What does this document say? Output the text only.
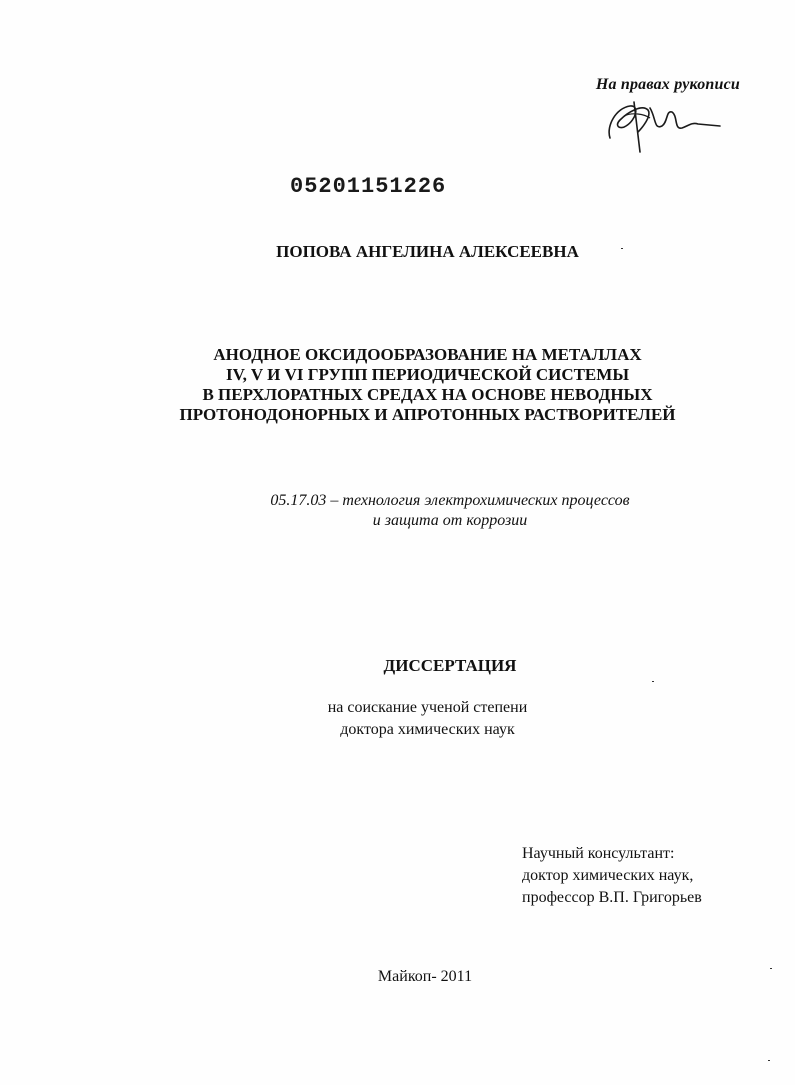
На правах рукописи
05201151226
ПОПОВА АНГЕЛИНА АЛЕКСЕЕВНА
АНОДНОЕ ОКСИДООБРАЗОВАНИЕ НА МЕТАЛЛАХ
IV, V И VI ГРУПП ПЕРИОДИЧЕСКОЙ СИСТЕМЫ
В ПЕРХЛОРАТНЫХ СРЕДАХ НА ОСНОВЕ НЕВОДНЫХ
ПРОТОНОДОНОРНЫХ И АПРОТОННЫХ РАСТВОРИТЕЛЕЙ
05.17.03 – технология электрохимических процессов
и защита от коррозии
ДИССЕРТАЦИЯ
на соискание ученой степени
доктора химических наук
Научный консультант:
доктор химических наук,
профессор В.П. Григорьев
Майкоп- 2011
